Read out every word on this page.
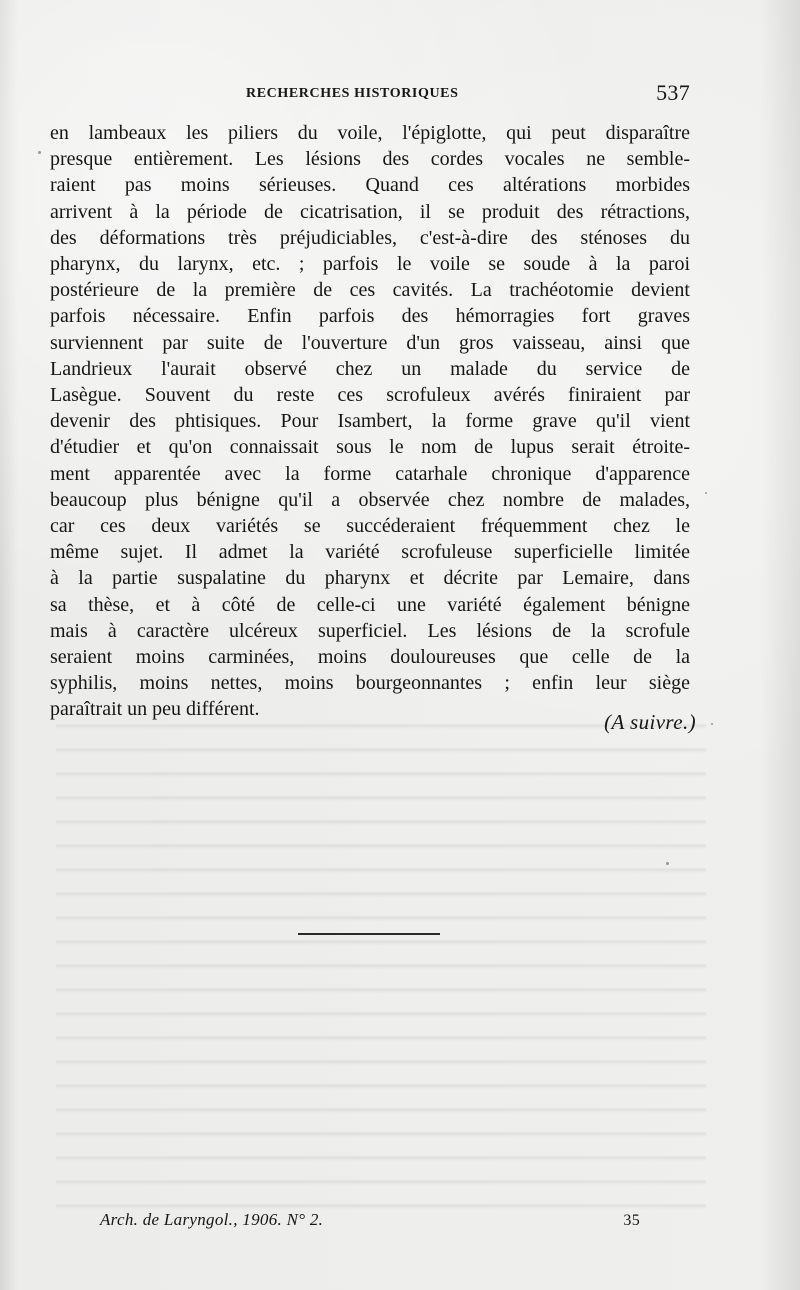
RECHERCHES HISTORIQUES	537
en lambeaux les piliers du voile, l'épiglotte, qui peut disparaître
presque entièrement. Les lésions des cordes vocales ne semble-
raient pas moins sérieuses. Quand ces altérations morbides
arrivent à la période de cicatrisation, il se produit des rétractions,
des déformations très préjudiciables, c'est-à-dire des sténoses du
pharynx, du larynx, etc. ; parfois le voile se soude à la paroi
postérieure de la première de ces cavités. La trachéotomie devient
parfois nécessaire. Enfin parfois des hémorragies fort graves
surviennent par suite de l'ouverture d'un gros vaisseau, ainsi que
Landrieux l'aurait observé chez un malade du service de
Lasègue. Souvent du reste ces scrofuleux avérés finiraient par
devenir des phtisiques. Pour Isambert, la forme grave qu'il vient
d'étudier et qu'on connaissait sous le nom de lupus serait étroite-
ment apparentée avec la forme catarhale chronique d'apparence
beaucoup plus bénigne qu'il a observée chez nombre de malades,
car ces deux variétés se succéderaient fréquemment chez le
même sujet. Il admet la variété scrofuleuse superficielle limitée
à la partie suspalatine du pharynx et décrite par Lemaire, dans
sa thèse, et à côté de celle-ci une variété également bénigne
mais à caractère ulcéreux superficiel. Les lésions de la scrofule
seraient moins carminées, moins douloureuses que celle de la
syphilis, moins nettes, moins bourgeonnantes ; enfin leur siège
paraîtrait un peu différent.
(A suivre.)
Arch. de Laryngol., 1906. N° 2.	35
